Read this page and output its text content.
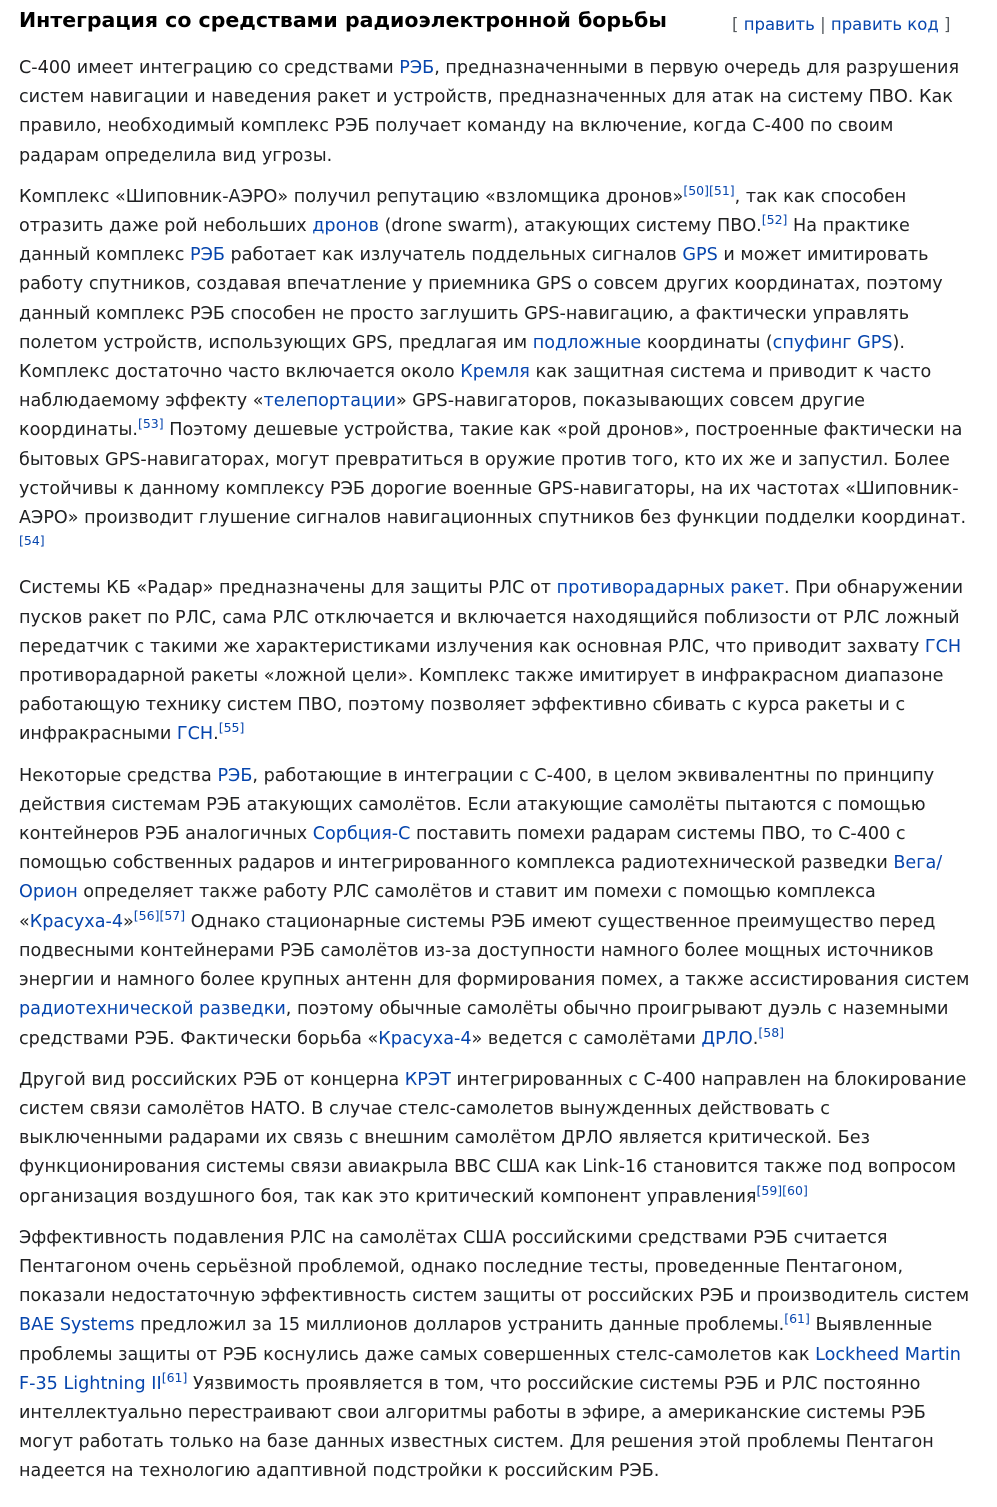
Интеграция со средствами радиоэлектронной борьбы	[ править | править код ]

С-400 имеет интеграцию со средствами РЭБ, предназначенными в первую очередь для разрушения систем навигации и наведения ракет и устройств, предназначенных для атак на систему ПВО. Как правило, необходимый комплекс РЭБ получает команду на включение, когда С-400 по своим радарам определила вид угрозы.

Комплекс «Шиповник-АЭРО» получил репутацию «взломщика дронов»[50][51], так как способен отразить даже рой небольших дронов (drone swarm), атакующих систему ПВО.[52] На практике данный комплекс РЭБ работает как излучатель поддельных сигналов GPS и может имитировать работу спутников, создавая впечатление у приемника GPS о совсем других координатах, поэтому данный комплекс РЭБ способен не просто заглушить GPS-навигацию, а фактически управлять полетом устройств, использующих GPS, предлагая им подложные координаты (спуфинг GPS). Комплекс достаточно часто включается около Кремля как защитная система и приводит к часто наблюдаемому эффекту «телепортации» GPS-навигаторов, показывающих совсем другие координаты.[53] Поэтому дешевые устройства, такие как «рой дронов», построенные фактически на бытовых GPS-навигаторах, могут превратиться в оружие против того, кто их же и запустил. Более устойчивы к данному комплексу РЭБ дорогие военные GPS-навигаторы, на их частотах «Шиповник-АЭРО» производит глушение сигналов навигационных спутников без функции подделки координат.[54]

Системы КБ «Радар» предназначены для защиты РЛС от противорадарных ракет. При обнаружении пусков ракет по РЛС, сама РЛС отключается и включается находящийся поблизости от РЛС ложный передатчик с такими же характеристиками излучения как основная РЛС, что приводит захвату ГСН противорадарной ракеты «ложной цели». Комплекс также имитирует в инфракрасном диапазоне работающую технику систем ПВО, поэтому позволяет эффективно сбивать с курса ракеты и с инфракрасными ГСН.[55]

Некоторые средства РЭБ, работающие в интеграции с С-400, в целом эквивалентны по принципу действия системам РЭБ атакующих самолётов. Если атакующие самолёты пытаются с помощью контейнеров РЭБ аналогичных Сорбция-С поставить помехи радарам системы ПВО, то С-400 с помощью собственных радаров и интегрированного комплекса радиотехнической разведки Вега/Орион определяет также работу РЛС самолётов и ставит им помехи с помощью комплекса «Красуха-4»[56][57] Однако стационарные системы РЭБ имеют существенное преимущество перед подвесными контейнерами РЭБ самолётов из-за доступности намного более мощных источников энергии и намного более крупных антенн для формирования помех, а также ассистирования систем радиотехнической разведки, поэтому обычные самолёты обычно проигрывают дуэль с наземными средствами РЭБ. Фактически борьба «Красуха-4» ведется с самолётами ДРЛО.[58]

Другой вид российских РЭБ от концерна КРЭТ интегрированных с С-400 направлен на блокирование систем связи самолётов НАТО. В случае стелс-самолетов вынужденных действовать с выключенными радарами их связь с внешним самолётом ДРЛО является критической. Без функционирования системы связи авиакрыла ВВС США как Link-16 становится также под вопросом организация воздушного боя, так как это критический компонент управления[59][60]

Эффективность подавления РЛС на самолётах США российскими средствами РЭБ считается Пентагоном очень серьёзной проблемой, однако последние тесты, проведенные Пентагоном, показали недостаточную эффективность систем защиты от российских РЭБ и производитель систем BAE Systems предложил за 15 миллионов долларов устранить данные проблемы.[61] Выявленные проблемы защиты от РЭБ коснулись даже самых совершенных стелс-самолетов как Lockheed Martin F-35 Lightning II[61] Уязвимость проявляется в том, что российские системы РЭБ и РЛС постоянно интеллектуально перестраивают свои алгоритмы работы в эфире, а американские системы РЭБ могут работать только на базе данных известных систем. Для решения этой проблемы Пентагон надеется на технологию адаптивной подстройки к российским РЭБ.
